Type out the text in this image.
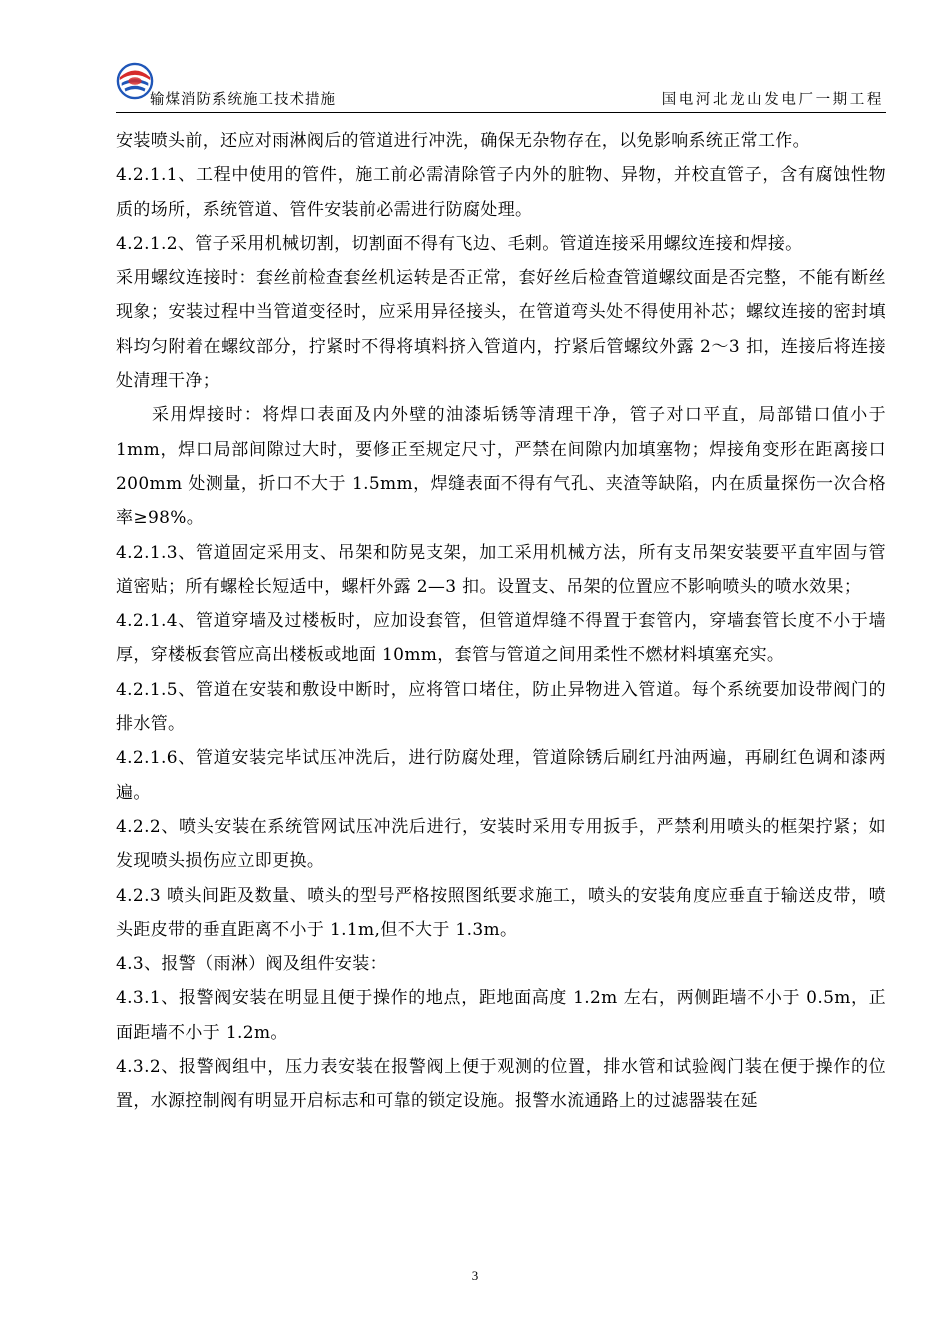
输煤消防系统施工技术措施	国电河北龙山发电厂一期工程

安装喷头前，还应对雨淋阀后的管道进行冲洗，确保无杂物存在，以免影响系统正常工作。

4.2.1.1、工程中使用的管件，施工前必需清除管子内外的脏物、异物，并校直管子，含有腐蚀性物质的场所，系统管道、管件安装前必需进行防腐处理。

4.2.1.2、管子采用机械切割，切割面不得有飞边、毛刺。管道连接采用螺纹连接和焊接。

采用螺纹连接时：套丝前检查套丝机运转是否正常，套好丝后检查管道螺纹面是否完整，不能有断丝现象；安装过程中当管道变径时，应采用异径接头，在管道弯头处不得使用补芯；螺纹连接的密封填料均匀附着在螺纹部分，拧紧时不得将填料挤入管道内，拧紧后管螺纹外露 2～3 扣，连接后将连接处清理干净；

采用焊接时：将焊口表面及内外壁的油漆垢锈等清理干净，管子对口平直，局部错口值小于 1mm，焊口局部间隙过大时，要修正至规定尺寸，严禁在间隙内加填塞物；焊接角变形在距离接口 200mm 处测量，折口不大于 1.5mm，焊缝表面不得有气孔、夹渣等缺陷，内在质量探伤一次合格率≥98%。

4.2.1.3、管道固定采用支、吊架和防晃支架，加工采用机械方法，所有支吊架安装要平直牢固与管道密贴；所有螺栓长短适中，螺杆外露 2—3 扣。设置支、吊架的位置应不影响喷头的喷水效果；

4.2.1.4、管道穿墙及过楼板时，应加设套管，但管道焊缝不得置于套管内，穿墙套管长度不小于墙厚，穿楼板套管应高出楼板或地面 10mm，套管与管道之间用柔性不燃材料填塞充实。

4.2.1.5、管道在安装和敷设中断时，应将管口堵住，防止异物进入管道。每个系统要加设带阀门的排水管。

4.2.1.6、管道安装完毕试压冲洗后，进行防腐处理，管道除锈后刷红丹油两遍，再刷红色调和漆两遍。

4.2.2、喷头安装在系统管网试压冲洗后进行，安装时采用专用扳手，严禁利用喷头的框架拧紧；如发现喷头损伤应立即更换。

4.2.3 喷头间距及数量、喷头的型号严格按照图纸要求施工，喷头的安装角度应垂直于输送皮带，喷头距皮带的垂直距离不小于 1.1m,但不大于 1.3m。

4.3、报警（雨淋）阀及组件安装：

4.3.1、报警阀安装在明显且便于操作的地点，距地面高度 1.2m 左右，两侧距墙不小于 0.5m，正面距墙不小于 1.2m。

4.3.2、报警阀组中，压力表安装在报警阀上便于观测的位置，排水管和试验阀门装在便于操作的位置，水源控制阀有明显开启标志和可靠的锁定设施。报警水流通路上的过滤器装在延

3
